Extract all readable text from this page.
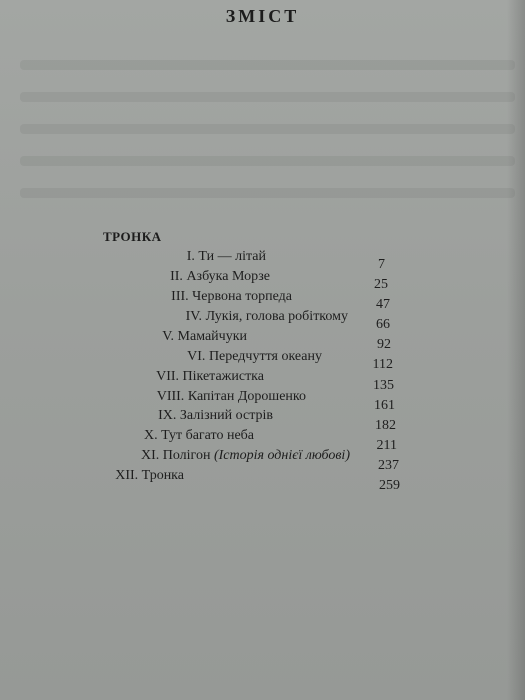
ЗМІСТ
ТРОНКА
I. Ти — літай
7
II. Азбука Морзе
25
III. Червона торпеда
47
IV. Лукія, голова робіткому
66
V. Мамайчуки
92
VI. Передчуття океану
112
VII. Пікетажистка
135
VIII. Капітан Дорошенко
161
IX. Залізний острів
182
X. Тут багато неба
211
XI. Полігон (Історія однієї любові)
237
XII. Тронка
259
